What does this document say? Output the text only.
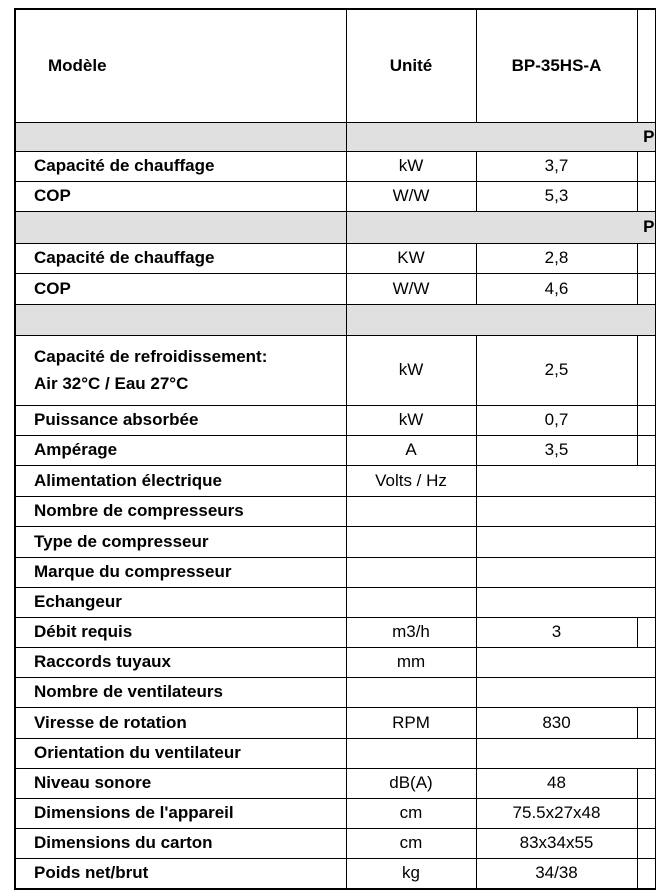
Modèle	Unité	BP-35HS-A	
	P		
Capacité de chauffage	kW	3,7	
COP	W/W	5,3	
	P		
Capacité de chauffage	KW	2,8	
COP	W/W	4,6	

Capacité de refroidissement:
Air 32°C / Eau 27°C	kW	2,5	
Puissance absorbée	kW	0,7	
Ampérage	A	3,5	
Alimentation électrique	Volts / Hz		
Nombre de compresseurs			
Type de compresseur			
Marque du compresseur			
Echangeur			
Débit requis	m3/h	3	
Raccords tuyaux	mm		
Nombre de ventilateurs			
Viresse de rotation	RPM	830	
Orientation du ventilateur			
Niveau sonore	dB(A)	48	
Dimensions de l'appareil	cm	75.5x27x48	
Dimensions du carton	cm	83x34x55	
Poids net/brut	kg	34/38	
